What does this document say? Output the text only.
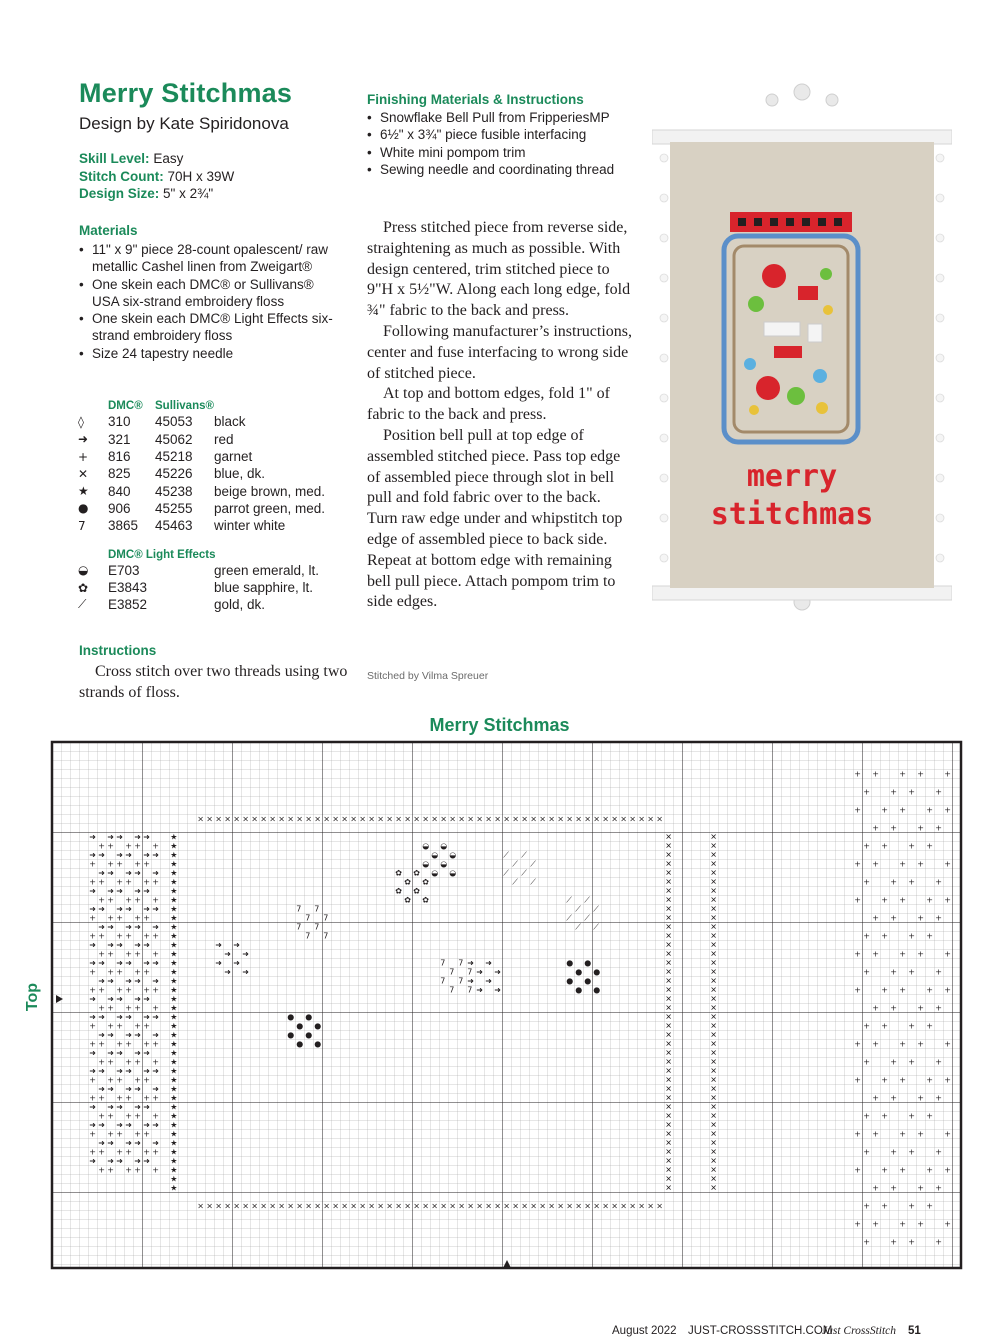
Merry Stitchmas
Design by Kate Spiridonova
Skill Level: Easy
Stitch Count: 70H x 39W
Design Size: 5" x 2¾"
Materials
• 11" x 9" piece 28-count opalescent/ raw metallic Cashel linen from Zweigart®
• One skein each DMC® or Sullivans® USA six-strand embroidery floss
• One skein each DMC® Light Effects six-strand embroidery floss
• Size 24 tapestry needle
	DMC®	Sullivans®	
◊	310	45053	black
➜	321	45062	red
+	816	45218	garnet
✕	825	45226	blue, dk.
★	840	45238	beige brown, med.
●	906	45255	parrot green, med.
7	3865	45463	winter white

	DMC® Light Effects		
◒	E703		green emerald, lt.
✿	E3843		blue sapphire, lt.
⟋	E3852		gold, dk.
Instructions

Cross stitch over two threads using two strands of floss.

Finishing Materials & Instructions
• Snowflake Bell Pull from FripperiesMP
• 6½" x 3¾" piece fusible interfacing
• White mini pompom trim
• Sewing needle and coordinating thread

Press stitched piece from reverse side, straightening as much as possible. With design centered, trim stitched piece to 9"H x 5½"W. Along each long edge, fold ¾" fabric to the back and press.

Following manufacturer’s instructions, center and fuse interfacing to wrong side of stitched piece.

At top and bottom edges, fold 1" of fabric to the back and press.

Position bell pull at top edge of assembled stitched piece. Pass top edge of assembled piece through slot in bell pull and fold fabric over to the back. Turn raw edge under and whipstitch top edge of assembled piece to back side. Repeat at bottom edge with remaining bell pull piece. Attach pompom trim to side edges.

Stitched by Vilma Spreuer
merry
stitchmas
Merry Stitchmas
Top
×
×
×
×
×
×
×
×
×
×
×
×
×
×
×
×
×
×
×
×
×
×
×
×
×
×
×
×
×
×
×
×
×
×
×
×
×
×
×
×
×
×
×
×
×
×
×
×
×
×
×
×
×
×
×
×
×
×
×
×
×
×
×
×
×
×
×
×
×
×
×
×
×
×
×
×
×
×
×
×
×
×
×
×
×
×
×
×
×
×
×
×
×
×
×
×
×
×
×
×
×
×
×
×
★	✕	✕
★	✕	✕
★	✕	✕
★	✕	✕
★	✕	✕
★	✕	✕
★	✕	✕
★	✕	✕
★	✕	✕
★	✕	✕
★	✕	✕
★	✕	✕
★	✕	✕
★	✕	✕
★	✕	✕
★	✕	✕
★	✕	✕
★	✕	✕
★	✕	✕
★	✕	✕
★	✕	✕
★	✕	✕
★	✕	✕
★	✕	✕
★	✕	✕
★	✕	✕
★	✕	✕
★	✕	✕
★	✕	✕
★	✕	✕
★	✕	✕
★	✕	✕
★	✕	✕
★	✕	✕
★	✕	✕
★	✕	✕
★	✕	✕
★	✕	✕
★	✕	✕
★	✕	✕
➜ ➜ ➜ ➜ ➜
+ + + + +
➜ ➜ ➜ ➜ ➜ ➜
+ + + + +
➜ ➜ ➜ ➜ ➜
+ + + + + +
➜ ➜ ➜ ➜ ➜
+ + + + +
➜ ➜ ➜ ➜ ➜ ➜
+ + + + +
➜ ➜ ➜ ➜ ➜
+ + + + + +
➜ ➜ ➜ ➜ ➜
+ + + + +
➜ ➜ ➜ ➜ ➜ ➜
+ + + + +
➜ ➜ ➜ ➜ ➜
+ + + + + +
➜ ➜ ➜ ➜ ➜
+ + + + +
➜ ➜ ➜ ➜ ➜ ➜
+ + + + +
➜ ➜ ➜ ➜ ➜
+ + + + + +
➜ ➜ ➜ ➜ ➜
+ + + + +
➜ ➜ ➜ ➜ ➜ ➜
+ + + + +
➜ ➜ ➜ ➜ ➜
+ + + + + +
➜ ➜ ➜ ➜ ➜
+ + + + +
➜ ➜ ➜ ➜ ➜ ➜
+ + + + +
➜ ➜ ➜ ➜ ➜
+ + + + + +
➜ ➜ ➜ ➜ ➜
+ + + + +
+ +	+ +	+
+	+ +	+
+	+ +	+ +
+ +	+ +
+ +	+ +
+ +	+ +	+
+	+ +	+
+	+ +	+ +
+ +	+ +
+ +	+ +
+ +	+ +	+
+	+ +	+
+	+ +	+ +
+ +	+ +
+ +	+ +
+ +	+ +	+
+	+ +	+
+	+ +	+ +
+ +	+ +
+ +	+ +
+ +	+ +	+
+	+ +	+
+	+ +	+ +
+ +	+ +
+ +	+ +
+ +	+ +	+
+	+ +	+
●
●
●
●
●
●
●
●
●
●
●
●
●
●
●
●
◒
◒
◒
◒
◒
◒
◒
◒
✿
✿
✿
✿
✿
✿
✿
✿
⟋
⟋
⟋
⟋
⟋
⟋
⟋
⟋
⟋
⟋
⟋
⟋
⟋
⟋
⟋
⟋
7
7
7
7
7
7
7
7
7
7
7
7
7
7
7
7
➜
➜
➜
➜
➜
➜
➜
➜
➜
➜
➜
➜
➜
➜
➜
➜
August 2022 JUST-CROSSSTITCH.COM
Just CrossStitch 51
